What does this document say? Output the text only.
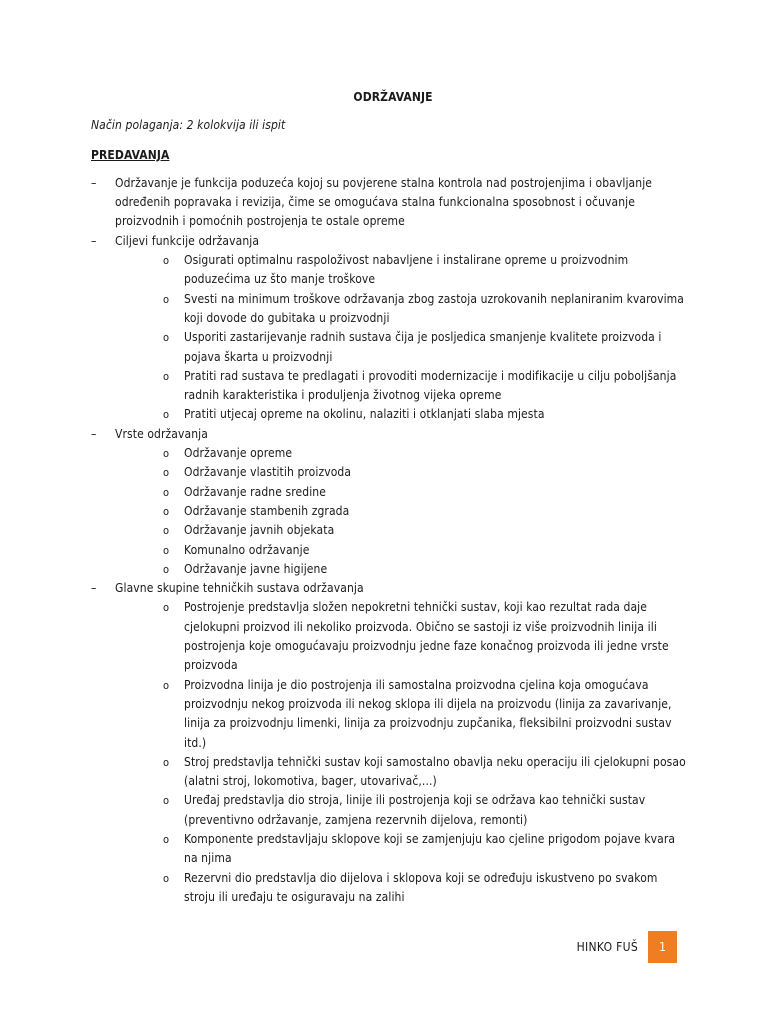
ODRŽAVANJE
Način polaganja: 2 kolokvija ili ispit
PREDAVANJA
– Održavanje je funkcija poduzeća kojoj su povjerene stalna kontrola nad postrojenjima i obavljanje određenih popravaka i revizija, čime se omogućava stalna funkcionalna sposobnost i očuvanje proizvodnih i pomoćnih postrojenja te ostale opreme
– Ciljevi funkcije održavanja
o Osigurati optimalnu raspoloživost nabavljene i instalirane opreme u proizvodnim poduzećima uz što manje troškove
o Svesti na minimum troškove održavanja zbog zastoja uzrokovanih neplaniranim kvarovima koji dovode do gubitaka u proizvodnji
o Usporiti zastarijevanje radnih sustava čija je posljedica smanjenje kvalitete proizvoda i pojava škarta u proizvodnji
o Pratiti rad sustava te predlagati i provoditi modernizacije i modifikacije u cilju poboljšanja radnih karakteristika i produljenja životnog vijeka opreme
o Pratiti utjecaj opreme na okolinu, nalaziti i otklanjati slaba mjesta
– Vrste održavanja
o Održavanje opreme
o Održavanje vlastitih proizvoda
o Održavanje radne sredine
o Održavanje stambenih zgrada
o Održavanje javnih objekata
o Komunalno održavanje
o Održavanje javne higijene
– Glavne skupine tehničkih sustava održavanja
o Postrojenje predstavlja složen nepokretni tehnički sustav, koji kao rezultat rada daje cjelokupni proizvod ili nekoliko proizvoda. Obično se sastoji iz više proizvodnih linija ili postrojenja koje omogućavaju proizvodnju jedne faze konačnog proizvoda ili jedne vrste proizvoda
o Proizvodna linija je dio postrojenja ili samostalna proizvodna cjelina koja omogućava proizvodnju nekog proizvoda ili nekog sklopa ili dijela na proizvodu (linija za zavarivanje, linija za proizvodnju limenki, linija za proizvodnju zupčanika, fleksibilni proizvodni sustav itd.)
o Stroj predstavlja tehnički sustav koji samostalno obavlja neku operaciju ili cjelokupni posao (alatni stroj, lokomotiva, bager, utovarivač,...)
o Uređaj predstavlja dio stroja, linije ili postrojenja koji se održava kao tehnički sustav (preventivno održavanje, zamjena rezervnih dijelova, remonti)
o Komponente predstavljaju sklopove koji se zamjenjuju kao cjeline prigodom pojave kvara na njima
o Rezervni dio predstavlja dio dijelova i sklopova koji se određuju iskustveno po svakom stroju ili uređaju te osiguravaju na zalihi
HINKO FUŠ	1
